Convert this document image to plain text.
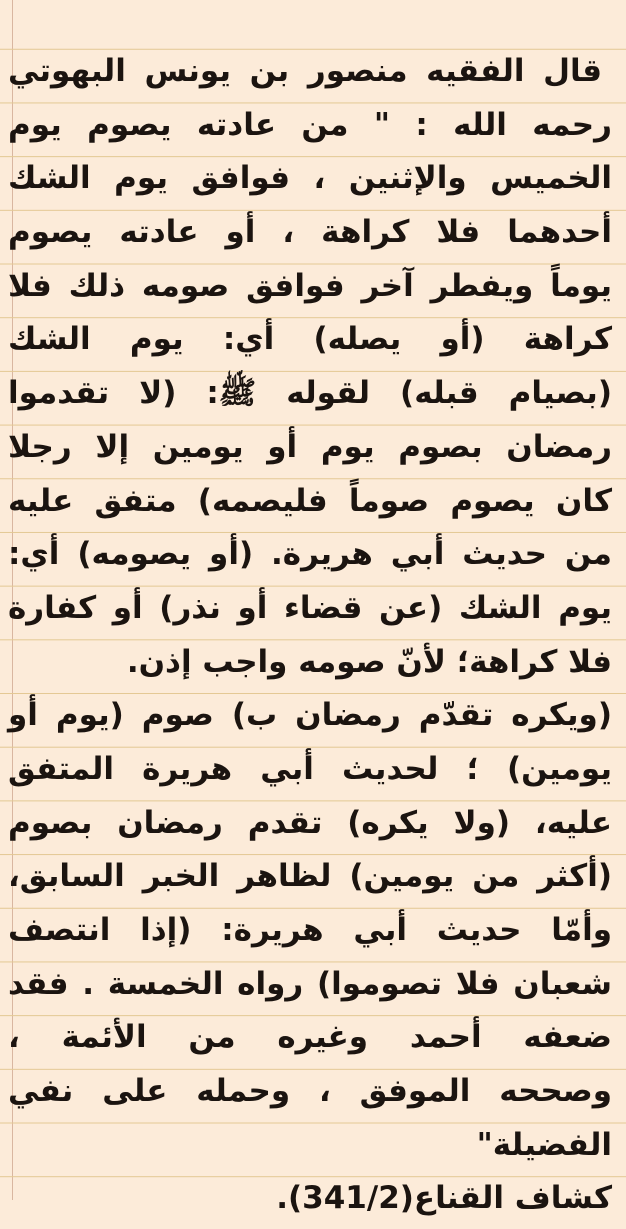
قال الفقيه منصور بن يونس البهوتي
رحمه الله : " من عادته يصوم يوم
الخميس والإثنين ، فوافق يوم الشك
أحدهما فلا كراهة ، أو عادته يصوم
يوماً ويفطر آخر فوافق صومه ذلك فلا
كراهة (أو يصله) أي: يوم الشك
(بصيام قبله) لقوله ﷺ: (لا تقدموا
رمضان بصوم يوم أو يومين إلا رجلا
كان يصوم صوماً فليصمه) متفق عليه
من حديث أبي هريرة. (أو يصومه) أي:
يوم الشك (عن قضاء أو نذر) أو كفارة
فلا كراهة؛ لأنّ صومه واجب إذن.
(ويكره تقدّم رمضان ب) صوم (يوم أو
يومين) ؛ لحديث أبي هريرة المتفق
عليه، (ولا يكره) تقدم رمضان بصوم
(أكثر من يومين) لظاهر الخبر السابق،
وأمّا حديث أبي هريرة: (إذا انتصف
شعبان فلا تصوموا) رواه الخمسة . فقد
ضعفه أحمد وغيره من الأئمة ،
وصححه الموفق ، وحمله على نفي
الفضيلة"
كشاف القناع(341/2).
